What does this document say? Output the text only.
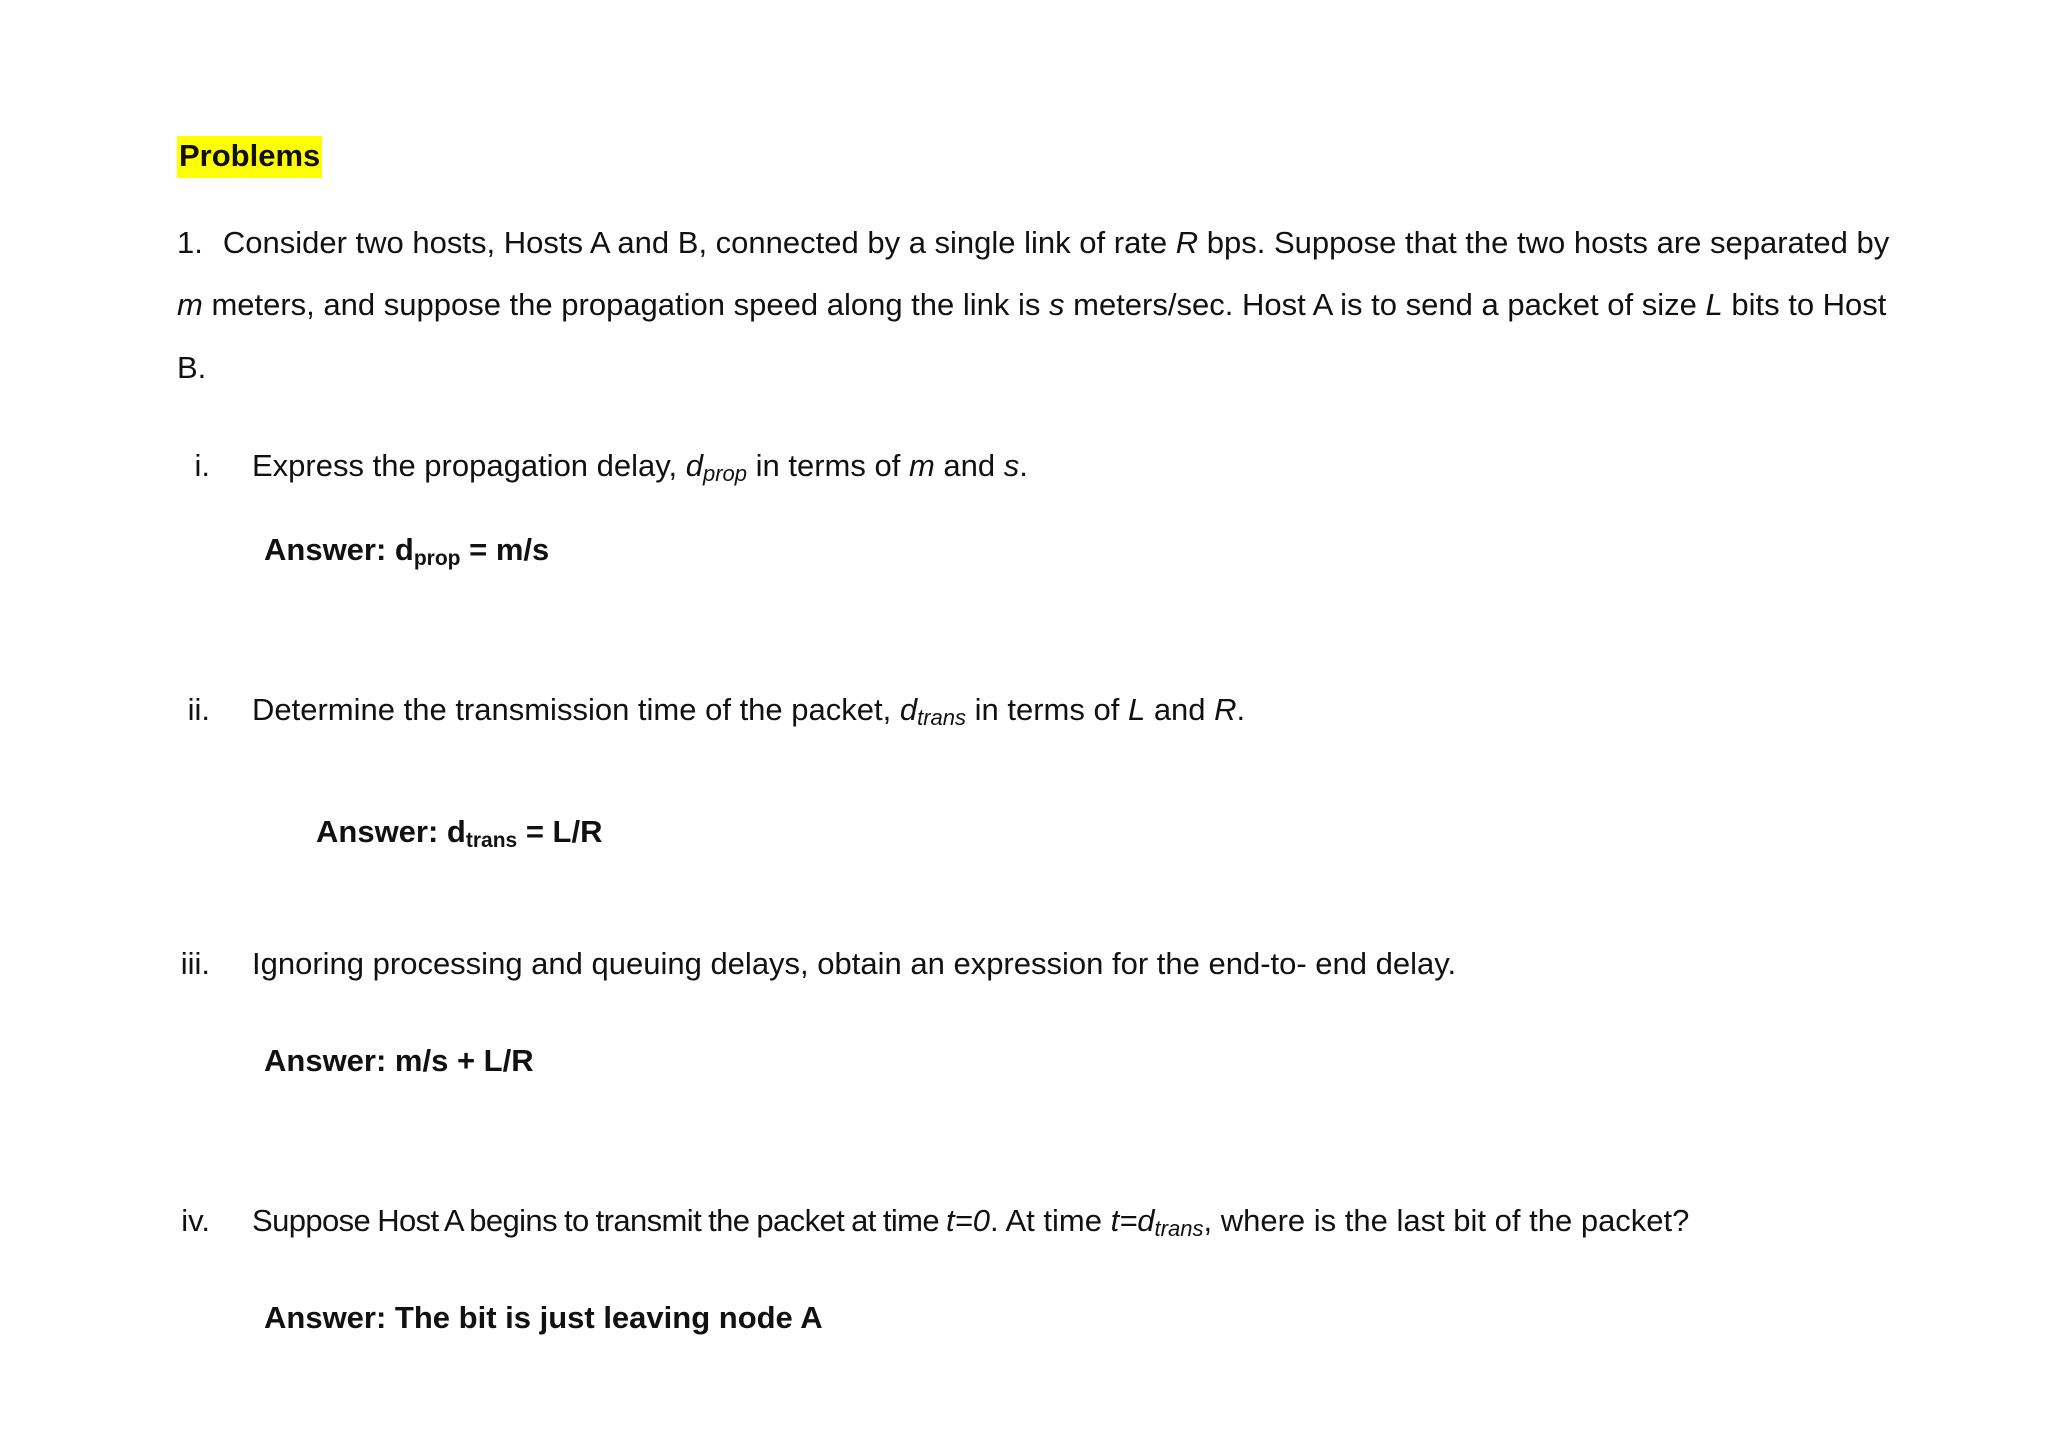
Problems
1. Consider two hosts, Hosts A and B, connected by a single link of rate R bps. Suppose that the two hosts are separated by
m meters, and suppose the propagation speed along the link is s meters/sec. Host A is to send a packet of size L bits to Host
B.
i. Express the propagation delay, $d_{prop}$ in terms of m and s.
Answer: dprop = m/s
ii. Determine the transmission time of the packet, $d_{trans}$ in terms of L and R.
Answer: dtrans = L/R
iii. Ignoring processing and queuing delays, obtain an expression for the end-to- end delay.
Answer: m/s + L/R
iv. Suppose Host A begins to transmit the packet at time t=0. At time $t=d_{trans}$, where is the last bit of the packet?
Answer: The bit is just leaving node A
